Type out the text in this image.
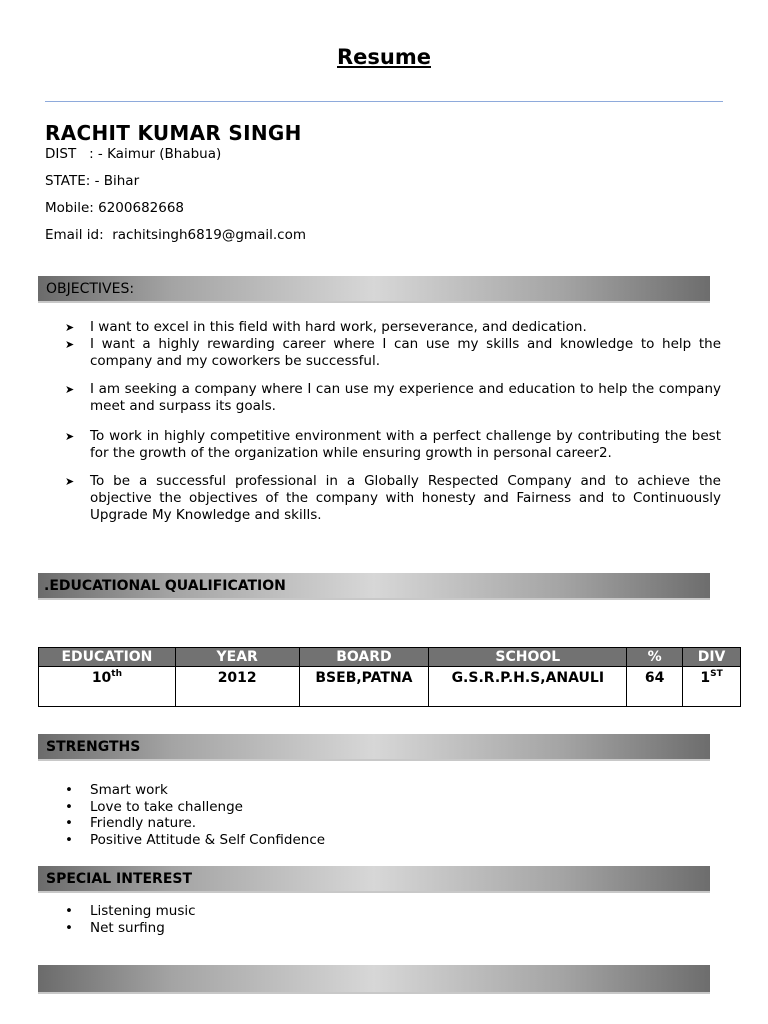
Resume
RACHIT KUMAR SINGH
DIST   : - Kaimur (Bhabua)
STATE: - Bihar
Mobile: 6200682668
Email id:  rachitsingh6819@gmail.com
OBJECTIVES:
➤ I want to excel in this field with hard work, perseverance, and dedication.
➤ I want a highly rewarding career where I can use my skills and knowledge to help the company and my coworkers be successful.
➤ I am seeking a company where I can use my experience and education to help the company meet and surpass its goals.
➤ To work in highly competitive environment with a perfect challenge by contributing the best for the growth of the organization while ensuring growth in personal career2.
➤ To be a successful professional in a Globally Respected Company and to achieve the objective the objectives of the company with honesty and Fairness and to Continuously Upgrade My Knowledge and skills.
.EDUCATIONAL QUALIFICATION
EDUCATION	YEAR	BOARD	SCHOOL	%	DIV
10th	2012	BSEB,PATNA	G.S.R.P.H.S,ANAULI	64	1ST
STRENGTHS
• Smart work
• Love to take challenge
• Friendly nature.
• Positive Attitude & Self Confidence
SPECIAL INTEREST
• Listening music
• Net surfing
